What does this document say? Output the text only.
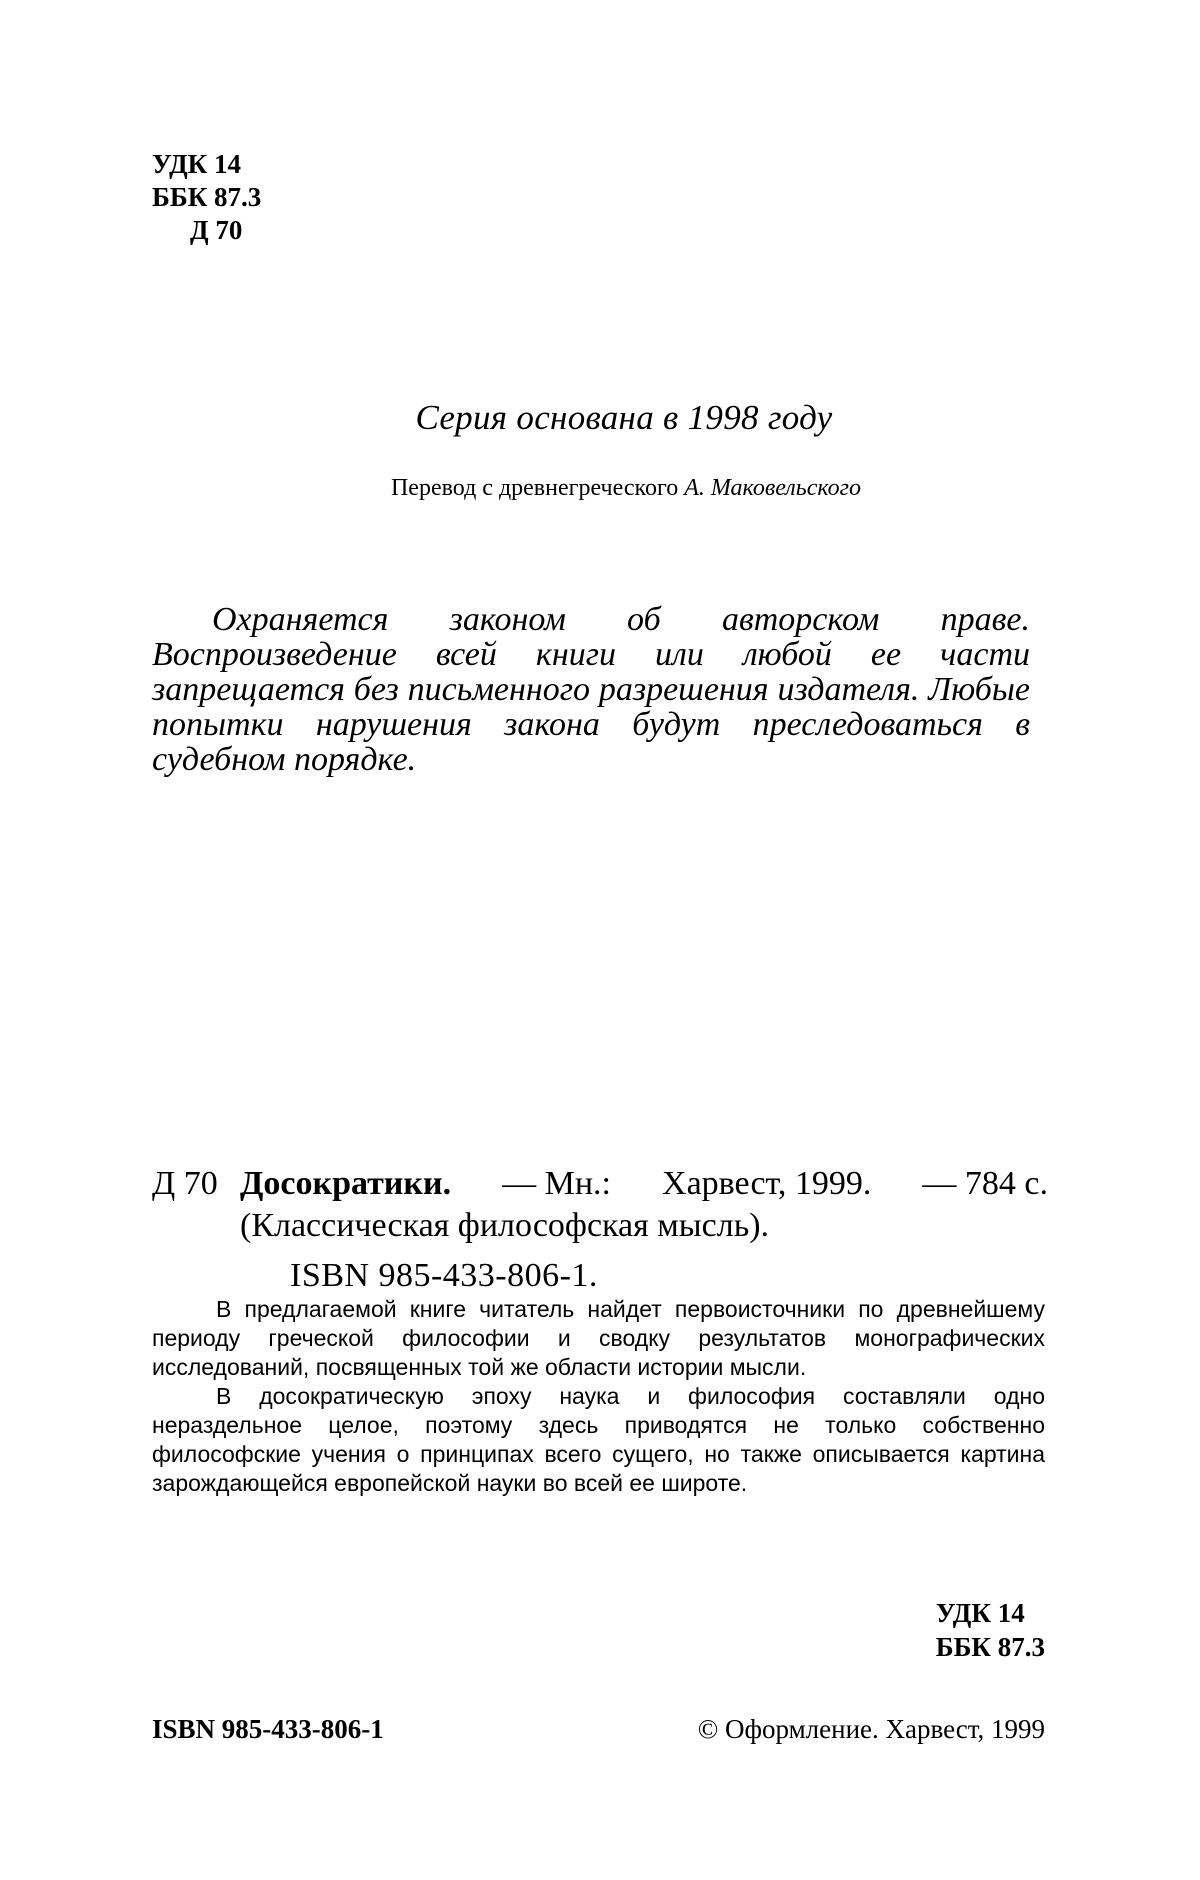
УДК 14
ББК 87.3
Д 70
Серия основана в 1998 году
Перевод с древнегреческого А. Маковельского
Охраняется законом об авторском праве. Воспроизведение всей книги или любой ее части запрещается без письменного разрешения издателя. Любые попытки нарушения закона будут преследоваться в судебном порядке.
Д 70 Досократики. — Мн.: Харвест, 1999. — 784 с.
(Классическая философская мысль).
ISBN 985-433-806-1.

В предлагаемой книге читатель найдет первоисточники по древнейшему периоду греческой философии и сводку результатов монографических исследований, посвященных той же области истории мысли.

В досократическую эпоху наука и философия составляли одно нераздельное целое, поэтому здесь приводятся не только собственно философские учения о принципах всего сущего, но также описывается картина зарождающейся европейской науки во всей ее широте.

УДК 14
ББК 87.3
ISBN 985-433-806-1	© Оформление. Харвест, 1999
